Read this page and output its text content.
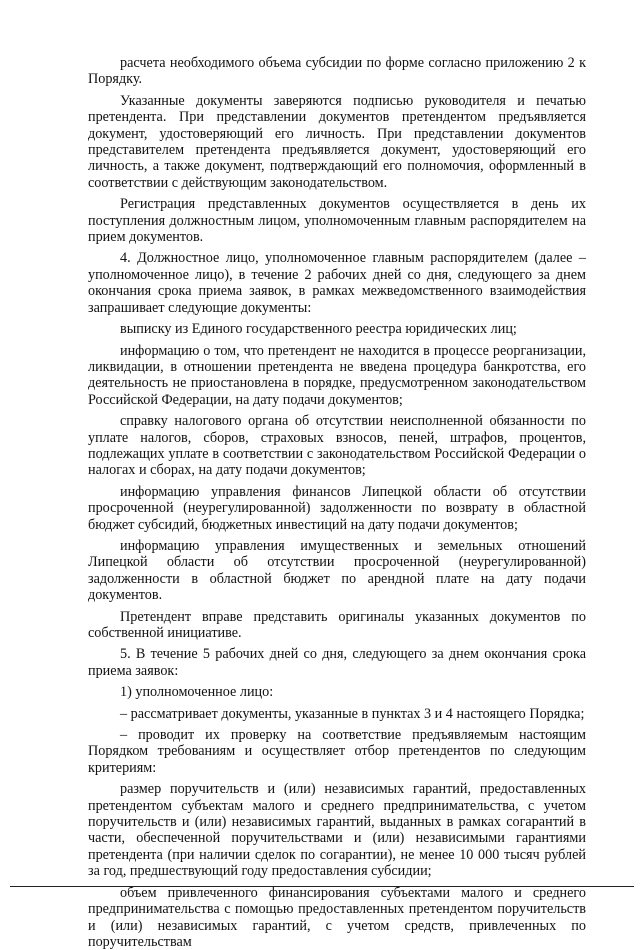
расчета необходимого объема субсидии по форме согласно приложению 2 к Порядку.

Указанные документы заверяются подписью руководителя и печатью претендента. При представлении документов претендентом предъявляется документ, удостоверяющий его личность. При представлении документов представителем претендента предъявляется документ, удостоверяющий его личность, а также документ, подтверждающий его полномочия, оформленный в соответствии с действующим законодательством.

Регистрация представленных документов осуществляется в день их поступления должностным лицом, уполномоченным главным распорядителем на прием документов.

4. Должностное лицо, уполномоченное главным распорядителем (далее – уполномоченное лицо), в течение 2 рабочих дней со дня, следующего за днем окончания срока приема заявок, в рамках межведомственного взаимодействия запрашивает следующие документы:

выписку из Единого государственного реестра юридических лиц;

информацию о том, что претендент не находится в процессе реорганизации, ликвидации, в отношении претендента не введена процедура банкротства, его деятельность не приостановлена в порядке, предусмотренном законодательством Российской Федерации, на дату подачи документов;

справку налогового органа об отсутствии неисполненной обязанности по уплате налогов, сборов, страховых взносов, пеней, штрафов, процентов, подлежащих уплате в соответствии с законодательством Российской Федерации о налогах и сборах, на дату подачи документов;

информацию управления финансов Липецкой области об отсутствии просроченной (неурегулированной) задолженности по возврату в областной бюджет субсидий, бюджетных инвестиций на дату подачи документов;

информацию управления имущественных и земельных отношений Липецкой области об отсутствии просроченной (неурегулированной) задолженности в областной бюджет по арендной плате на дату подачи документов.

Претендент вправе представить оригиналы указанных документов по собственной инициативе.

5. В течение 5 рабочих дней со дня, следующего за днем окончания срока приема заявок:

1) уполномоченное лицо:

– рассматривает документы, указанные в пунктах 3 и 4 настоящего Порядка;

– проводит их проверку на соответствие предъявляемым настоящим Порядком требованиям и осуществляет отбор претендентов по следующим критериям:

размер поручительств и (или) независимых гарантий, предоставленных претендентом субъектам малого и среднего предпринимательства, с учетом поручительств и (или) независимых гарантий, выданных в рамках согарантий в части, обеспеченной поручительствами и (или) независимыми гарантиями претендента (при наличии сделок по согарантии), не менее 10 000 тысяч рублей за год, предшествующий году предоставления субсидии;

объем привлеченного финансирования субъектами малого и среднего предпринимательства с помощью предоставленных претендентом поручительств и (или) независимых гарантий, с учетом средств, привлеченных по поручительствам
